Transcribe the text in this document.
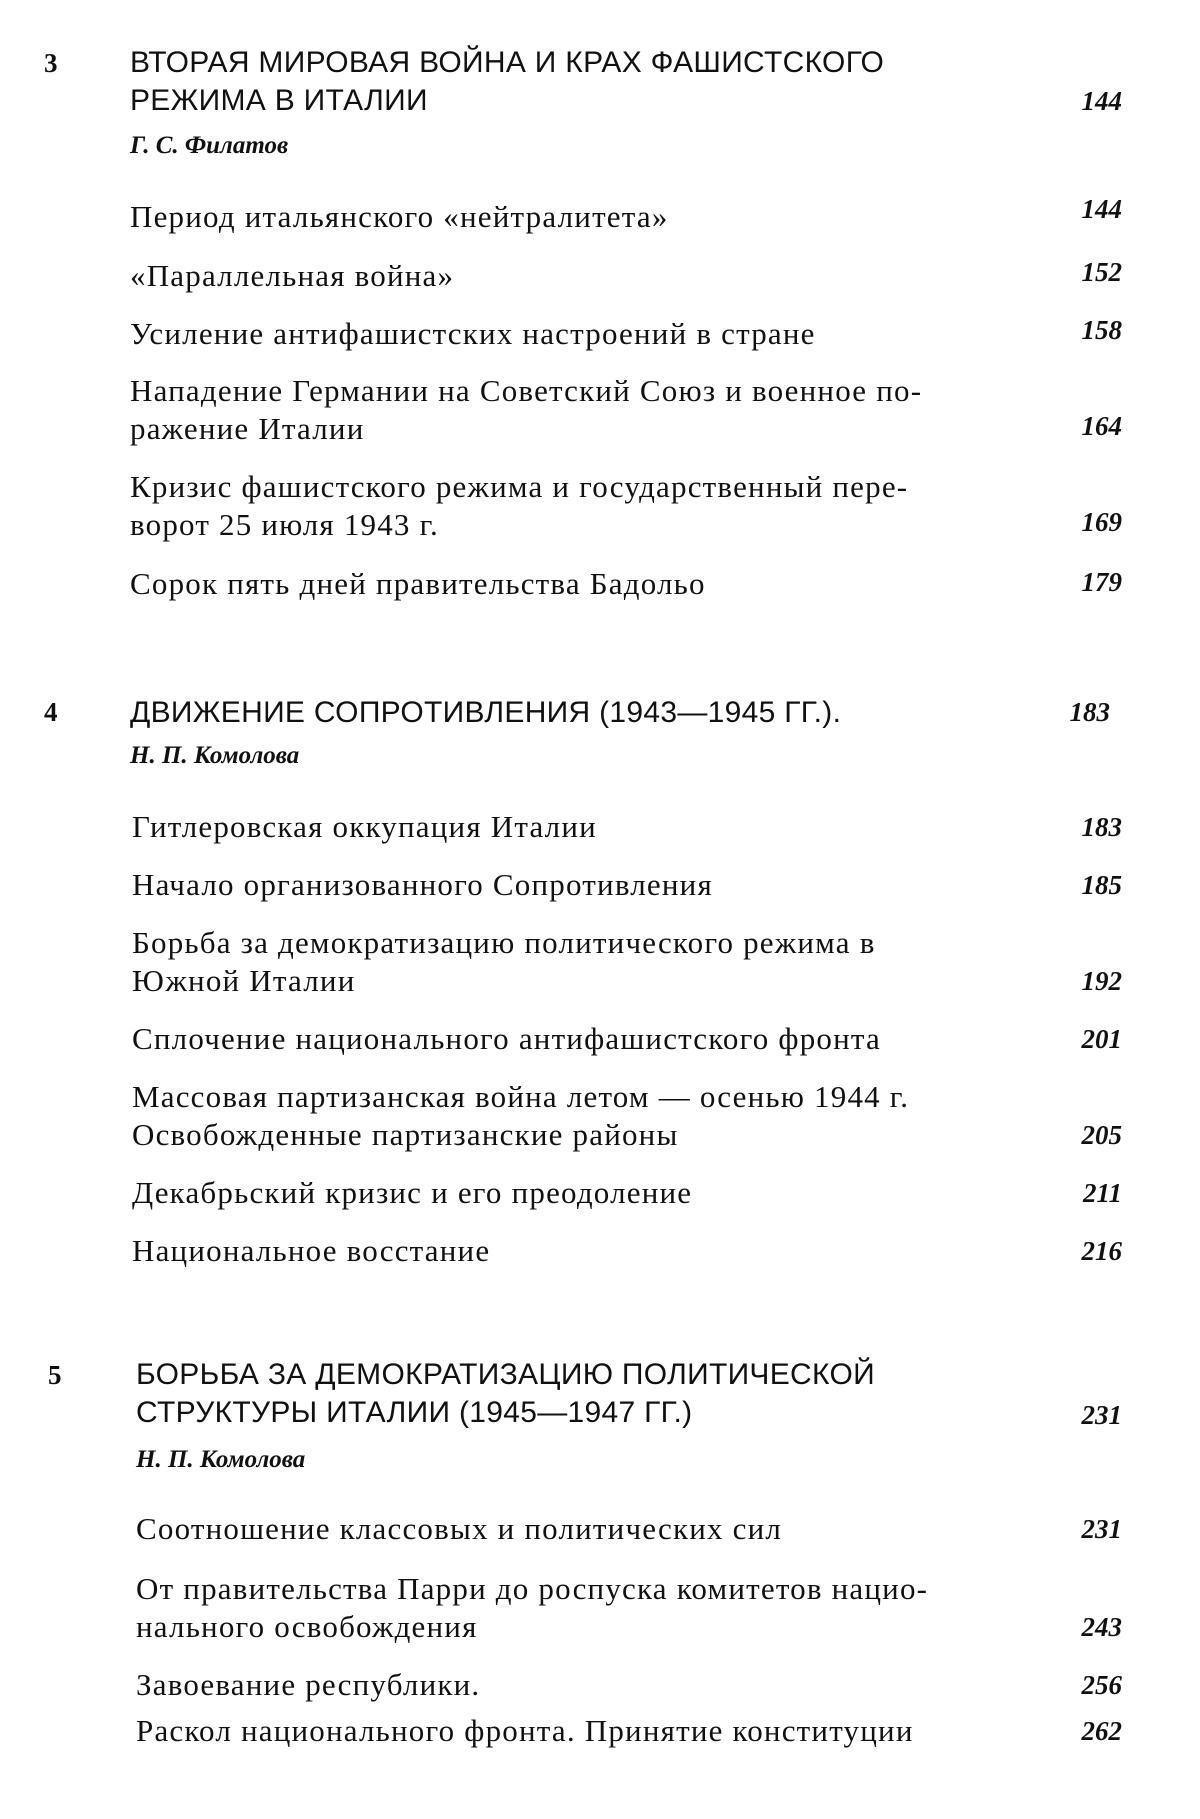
3 ВТОРАЯ МИРОВАЯ ВОЙНА И КРАХ ФАШИСТСКОГО
РЕЖИМА В ИТАЛИИ	144
Г. С. Филатов
Период итальянского «нейтралитета»	144
«Параллельная война»	152
Усиление антифашистских настроений в стране	158
Нападение Германии на Советский Союз и военное по-
ражение Италии	164
Кризис фашистского режима и государственный пере-
ворот 25 июля 1943 г.	169
Сорок пять дней правительства Бадольо	179
4 ДВИЖЕНИЕ СОПРОТИВЛЕНИЯ (1943—1945 ГГ.).	183
Н. П. Комолова
Гитлеровская оккупация Италии	183
Начало организованного Сопротивления	185
Борьба за демократизацию политического режима в
Южной Италии	192
Сплочение национального антифашистского фронта	201
Массовая партизанская война летом — осенью 1944 г.
Освобожденные партизанские районы	205
Декабрьский кризис и его преодоление	211
Национальное восстание	216
5 БОРЬБА ЗА ДЕМОКРАТИЗАЦИЮ ПОЛИТИЧЕСКОЙ
СТРУКТУРЫ ИТАЛИИ (1945—1947 ГГ.)	231
Н. П. Комолова
Соотношение классовых и политических сил	231
От правительства Парри до роспуска комитетов нацио-
нального освобождения	243
Завоевание республики.	256
Раскол национального фронта. Принятие конституции	262
